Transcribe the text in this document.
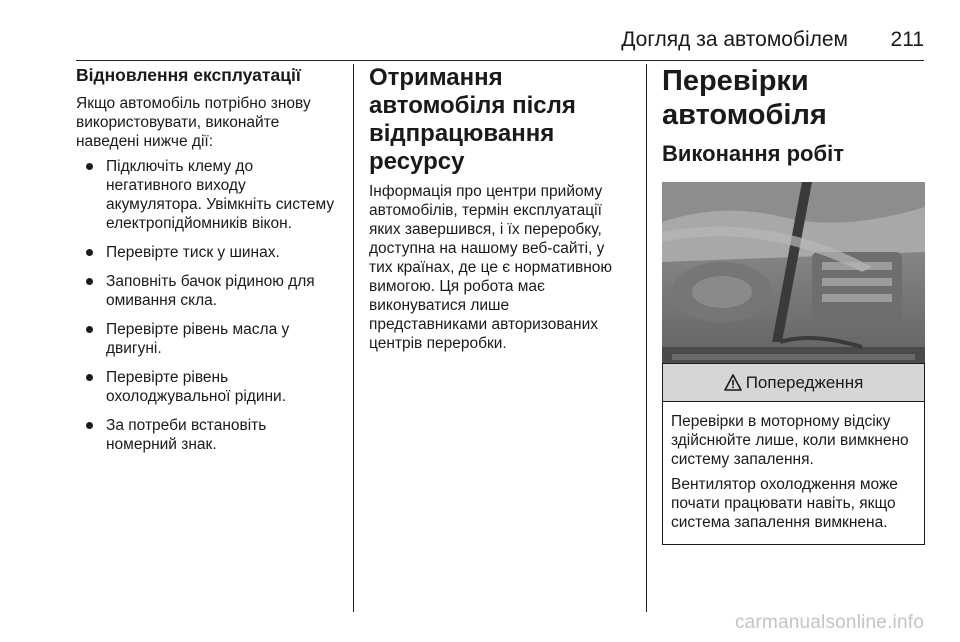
Догляд за автомобілем 211
Відновлення експлуатації
Якщо автомобіль потрібно знову використовувати, виконайте наведені нижче дії:
Підключіть клему до негативного виходу акумулятора. Увімкніть систему електропідйомників вікон.
Перевірте тиск у шинах.
Заповніть бачок рідиною для омивання скла.
Перевірте рівень масла у двигуні.
Перевірте рівень охолоджувальної рідини.
За потреби встановіть номерний знак.
Отримання автомобіля після відпрацювання ресурсу
Інформація про центри прийому автомобілів, термін експлуатації яких завершився, і їх переробку, доступна на нашому веб-сайті, у тих країнах, де це є нормативною вимогою. Ця робота має виконуватися лише представниками авторизованих центрів переробки.
Перевірки автомобіля
Виконання робіт
Попередження
Перевірки в моторному відсіку здійснюйте лише, коли вимкнено систему запалення.
Вентилятор охолодження може почати працювати навіть, якщо система запалення вимкнена.
carmanualsonline.info
